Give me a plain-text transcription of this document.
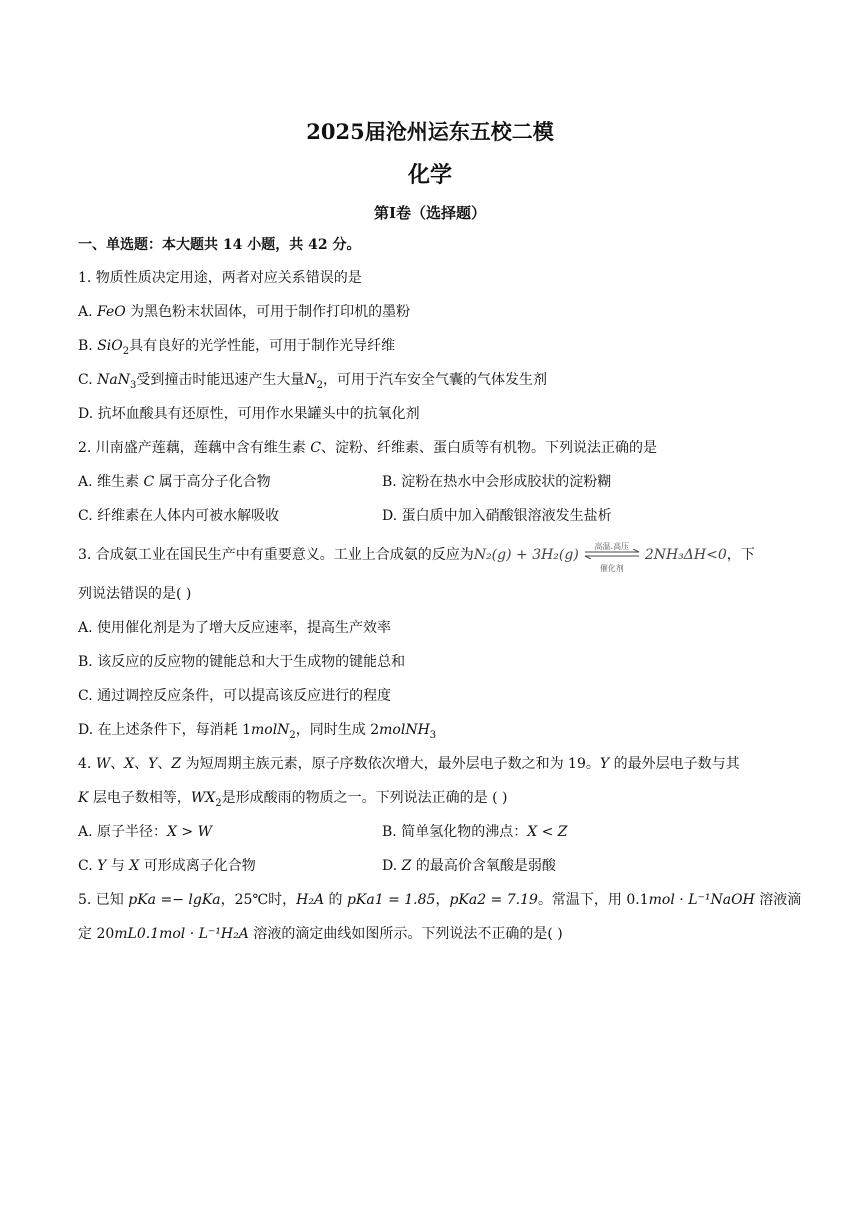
2025届沧州运东五校二模
化学
第I卷（选择题）
一、单选题：本大题共 14 小题，共 42 分。
1. 物质性质决定用途，两者对应关系错误的是
A. FeO 为黑色粉末状固体，可用于制作打印机的墨粉
B. SiO$_2$具有良好的光学性能，可用于制作光导纤维
C. NaN$_3$受到撞击时能迅速产生大量$N_2$，可用于汽车安全气囊的气体发生剂
D. 抗坏血酸具有还原性，可用作水果罐头中的抗氧化剂
2. 川南盛产莲藕，莲藕中含有维生素 C、淀粉、纤维素、蛋白质等有机物。下列说法正确的是
A. 维生素 C 属于高分子化合物	B. 淀粉在热水中会形成胶状的淀粉糊
C. 纤维素在人体内可被水解吸收	D. 蛋白质中加入硝酸银溶液发生盐析
3. 合成氨工业在国民生产中有重要意义。工业上合成氨的反应为N₂(g) + 3H₂(g)
高温.高压
催化剂
2NH₃ΔH<0，下
列说法错误的是( )
A. 使用催化剂是为了增大反应速率，提高生产效率
B. 该反应的反应物的键能总和大于生成物的键能总和
C. 通过调控反应条件，可以提高该反应进行的程度
D. 在上述条件下，每消耗 1molN$_2$，同时生成 2molNH$_3$
4. W、X、Y、Z 为短周期主族元素，原子序数依次增大，最外层电子数之和为 19。Y 的最外层电子数与其
K 层电子数相等，$WX_2$是形成酸雨的物质之一。下列说法正确的是 ( )
A. 原子半径：X > W	B. 简单氢化物的沸点：X < Z
C. Y 与 X 可形成离子化合物	D. Z 的最高价含氧酸是弱酸
5. 已知 pKa =− lgKa，25℃时，H₂A 的 pKa1 = 1.85，pKa2 = 7.19。常温下，用 0.1mol · L⁻¹NaOH 溶液滴
定 20mL0.1mol · L⁻¹H₂A 溶液的滴定曲线如图所示。下列说法不正确的是( )
